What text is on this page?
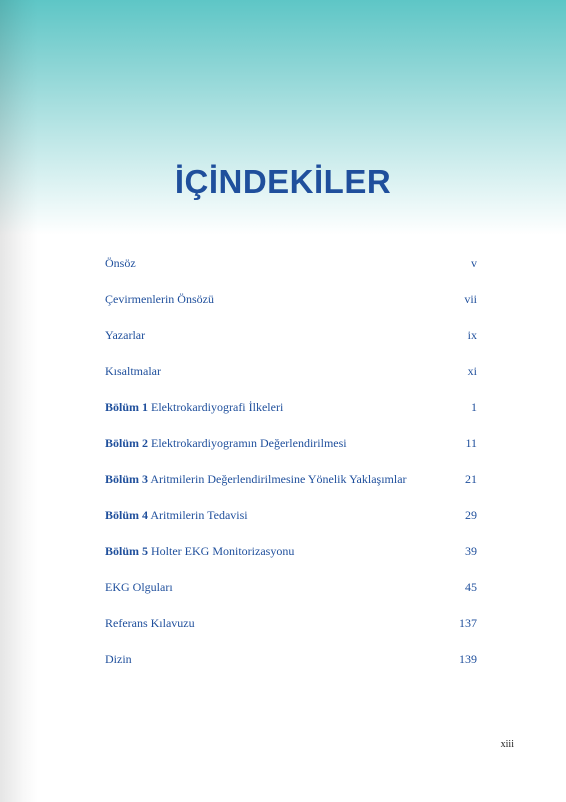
İÇİNDEKİLER
Önsöz	v
Çevirmenlerin Önsözü	vii
Yazarlar	ix
Kısaltmalar	xi
Bölüm 1 Elektrokardiyografi İlkeleri	1
Bölüm 2 Elektrokardiyogramın Değerlendirilmesi	11
Bölüm 3 Aritmilerin Değerlendirilmesine Yönelik Yaklaşımlar	21
Bölüm 4 Aritmilerin Tedavisi	29
Bölüm 5 Holter EKG Monitorizasyonu	39
EKG Olguları	45
Referans Kılavuzu	137
Dizin	139
xiii
